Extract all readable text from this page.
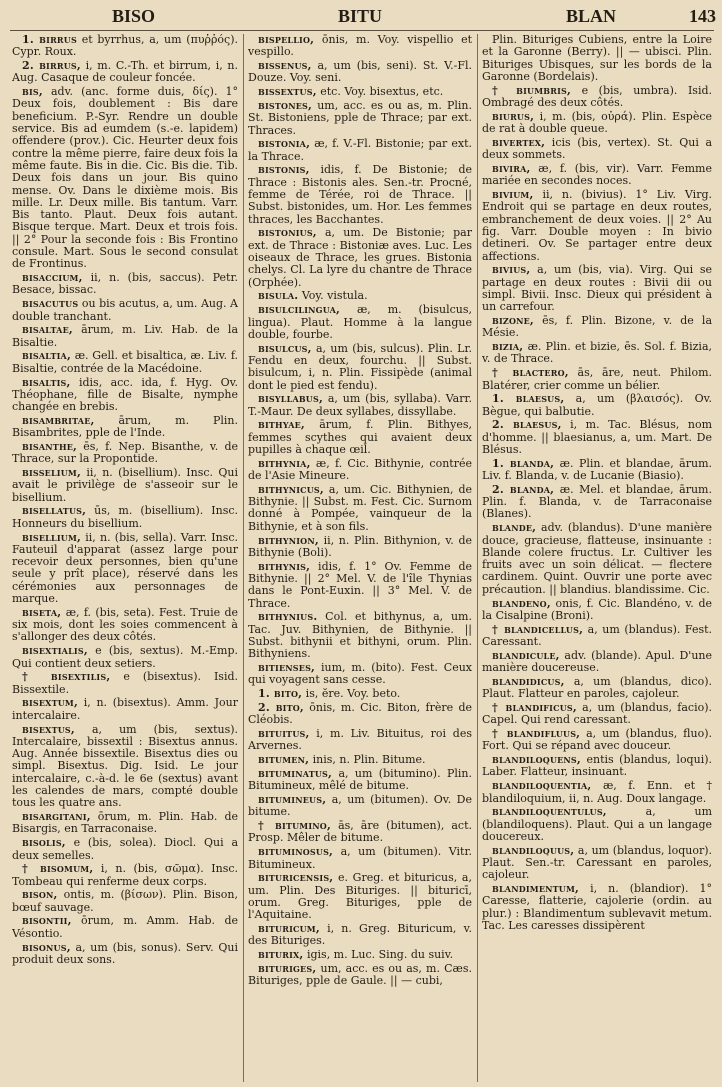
BISO	BITU	BLAN	143

1. birrus et byrrhus, a, um (πυῤῥός). Cypr. Roux.

2. birrus, i, m. C.-Th. et birrum, i, n. Aug. Casaque de couleur foncée.

bis, adv. (anc. forme duis, δίς). 1° Deux fois, doublement : Bis dare beneficium. P.-Syr. Rendre un double service. Bis ad eumdem (s.-e. lapidem) offendere (prov.). Cic. Heurter deux fois contre la même pierre, faire deux fois la même faute. Bis in die. Cic. Bis die. Tib. Deux fois dans un jour. Bis quino mense. Ov. Dans le dixième mois. Bis mille. Lr. Deux mille. Bis tantum. Varr. Bis tanto. Plaut. Deux fois autant. Bisque terque. Mart. Deux et trois fois. || 2° Pour la seconde fois : Bis Frontino consule. Mart. Sous le second consulat de Frontinus.

bisaccium, ii, n. (bis, saccus). Petr. Besace, bissac.

bisacutus ou bis acutus, a, um. Aug. A double tranchant.

bisaltae, ārum, m. Liv. Hab. de la Bisaltie.

bisaltia, æ. Gell. et bisaltica, æ. Liv. f. Bisaltie, contrée de la Macédoine.

bisaltis, idis, acc. ida, f. Hyg. Ov. Théophane, fille de Bisalte, nymphe changée en brebis.

bisambritae, ārum, m. Plin. Bisambrites, pple de l'Inde.

bisanthe, ēs, f. Nep. Bisanthe, v. de Thrace, sur la Propontide.

bisselium, ii, n. (bisellium). Insc. Qui avait le privilège de s'asseoir sur le bisellium.

bisellatus, ūs, m. (bisellium). Insc. Honneurs du bisellium.

bisellium, ii, n. (bis, sella). Varr. Insc. Fauteuil d'apparat (assez large pour recevoir deux personnes, bien qu'une seule y prît place), réservé dans les cérémonies aux personnages de marque.

biseta, æ, f. (bis, seta). Fest. Truie de six mois, dont les soies commencent à s'allonger des deux côtés.

bisextialis, e (bis, sextus). M.-Emp. Qui contient deux setiers.

† bisextilis, e (bisextus). Isid. Bissextile.

bisextum, i, n. (bisextus). Amm. Jour intercalaire.

bisextus, a, um (bis, sextus). Intercalaire, bissextil : Bisextus annus. Aug. Année bissextile. Bisextus dies ou simpl. Bisextus. Dig. Isid. Le jour intercalaire, c.-à-d. le 6e (sextus) avant les calendes de mars, compté double tous les quatre ans.

bisargitani, ōrum, m. Plin. Hab. de Bisargis, en Tarraconaise.

bisolis, e (bis, solea). Diocl. Qui a deux semelles.

† bisomum, i, n. (bis, σῶμα). Insc. Tombeau qui renferme deux corps.

bison, ontis, m. (βίσων). Plin. Bison, bœuf sauvage.

bisontii, ōrum, m. Amm. Hab. de Vésontio.

bisonus, a, um (bis, sonus). Serv. Qui produit deux sons.

bispellio, ōnis, m. Voy. vispellio et vespillo.

bissenus, a, um (bis, seni). St. V.-Fl. Douze. Voy. seni.

bissextus, etc. Voy. bisextus, etc.

bistones, um, acc. es ou as, m. Plin. St. Bistoniens, pple de Thrace; par ext. Thraces.

bistonia, æ, f. V.-Fl. Bistonie; par ext. la Thrace.

bistonis, idis, f. De Bistonie; de Thrace : Bistonis ales. Sen.-tr. Procné, femme de Térée, roi de Thrace. || Subst. bistonides, um. Hor. Les femmes thraces, les Bacchantes.

bistonius, a, um. De Bistonie; par ext. de Thrace : Bistoniæ aves. Luc. Les oiseaux de Thrace, les grues. Bistonia chelys. Cl. La lyre du chantre de Thrace (Orphée).

bisula. Voy. vistula.

bisulcilingua, æ, m. (bisulcus, lingua). Plaut. Homme à la langue double, fourbe.

bisulcus, a, um (bis, sulcus). Plin. Lr. Fendu en deux, fourchu. || Subst. bisulcum, i, n. Plin. Fissipède (animal dont le pied est fendu).

bisyllabus, a, um (bis, syllaba). Varr. T.-Maur. De deux syllabes, dissyllabe.

bithyae, ārum, f. Plin. Bithyes, femmes scythes qui avaient deux pupilles à chaque œil.

bithynia, æ, f. Cic. Bithynie, contrée de l'Asie Mineure.

bithynicus, a, um. Cic. Bithynien, de Bithynie. || Subst. m. Fest. Cic. Surnom donné à Pompée, vainqueur de la Bithynie, et à son fils.

bithynion, ii, n. Plin. Bithynion, v. de Bithynie (Boli).

bithynis, idis, f. 1° Ov. Femme de Bithynie. || 2° Mel. V. de l'île Thynias dans le Pont-Euxin. || 3° Mel. V. de Thrace.

bithynius. Col. et bithynus, a, um. Tac. Juv. Bithynien, de Bithynie. || Subst. bithynii et bithyni, orum. Plin. Bithyniens.

bitienses, ium, m. (bito). Fest. Ceux qui voyagent sans cesse.

1. bito, is, ĕre. Voy. beto.

2. bito, ōnis, m. Cic. Biton, frère de Cléobis.

bituitus, i, m. Liv. Bituitus, roi des Arvernes.

bitumen, inis, n. Plin. Bitume.

bituminatus, a, um (bitumino). Plin. Bitumineux, mêlé de bitume.

bitumineus, a, um (bitumen). Ov. De bitume.

† bitumino, ās, āre (bitumen), act. Prosp. Mêler de bitume.

bituminosus, a, um (bitumen). Vitr. Bitumineux.

bituricensis, e. Greg. et bituricus, a, um. Plin. Des Bituriges. || bituricī, orum. Greg. Bituriges, pple de l'Aquitaine.

bituricum, i, n. Greg. Bituricum, v. des Bituriges.

biturix, igis, m. Luc. Sing. du suiv.

bituriges, um, acc. es ou as, m. Cæs. Bituriges, pple de Gaule. || — cubi,

Plin. Bituriges Cubiens, entre la Loire et la Garonne (Berry). || — ubisci. Plin. Bituriges Ubisques, sur les bords de la Garonne (Bordelais).

† biumbris, e (bis, umbra). Isid. Ombragé des deux côtés.

biurus, i, m. (bis, οὐρά). Plin. Espèce de rat à double queue.

bivertex, icis (bis, vertex). St. Qui a deux sommets.

bivira, æ, f. (bis, vir). Varr. Femme mariée en secondes noces.

bivium, ii, n. (bivius). 1° Liv. Virg. Endroit qui se partage en deux routes, embranchement de deux voies. || 2° Au fig. Varr. Double moyen : In bivio detineri. Ov. Se partager entre deux affections.

bivius, a, um (bis, via). Virg. Qui se partage en deux routes : Bivii dii ou simpl. Bivii. Insc. Dieux qui président à un carrefour.

bizone, ēs, f. Plin. Bizone, v. de la Mésie.

bizia, æ. Plin. et bizie, ēs. Sol. f. Bizia, v. de Thrace.

† blactero, ās, āre, neut. Philom. Blatérer, crier comme un bélier.

1. blaesus, a, um (βλαισός). Ov. Bègue, qui balbutie.

2. blaesus, i, m. Tac. Blésus, nom d'homme. || blaesianus, a, um. Mart. De Blésus.

1. blanda, æ. Plin. et blandae, ārum. Liv. f. Blanda, v. de Lucanie (Biasio).

2. blanda, æ. Mel. et blandae, ārum. Plin. f. Blanda, v. de Tarraconaise (Blanes).

blande, adv. (blandus). D'une manière douce, gracieuse, flatteuse, insinuante : Blande colere fructus. Lr. Cultiver les fruits avec un soin délicat. — flectere cardinem. Quint. Ouvrir une porte avec précaution. || blandius. blandissime. Cic.

blandeno, onis, f. Cic. Blandéno, v. de la Cisalpine (Broni).

† blandicellus, a, um (blandus). Fest. Caressant.

blandicule, adv. (blande). Apul. D'une manière doucereuse.

blandidicus, a, um (blandus, dico). Plaut. Flatteur en paroles, cajoleur.

† blandificus, a, um (blandus, facio). Capel. Qui rend caressant.

† blandifluus, a, um (blandus, fluo). Fort. Qui se répand avec douceur.

blandiloquens, entis (blandus, loqui). Laber. Flatteur, insinuant.

blandiloquentia, æ, f. Enn. et † blandiloquium, ii, n. Aug. Doux langage.

blandiloquentulus,	a, um (blandiloquens). Plaut. Qui a un langage doucereux.

blandiloquus, a, um (blandus, loquor). Plaut. Sen.-tr. Caressant en paroles, cajoleur.

blandimentum, i, n. (blandior). 1° Caresse, flatterie, cajolerie (ordin. au plur.) : Blandimentum sublevavit metum. Tac. Les caresses dissipèrent
